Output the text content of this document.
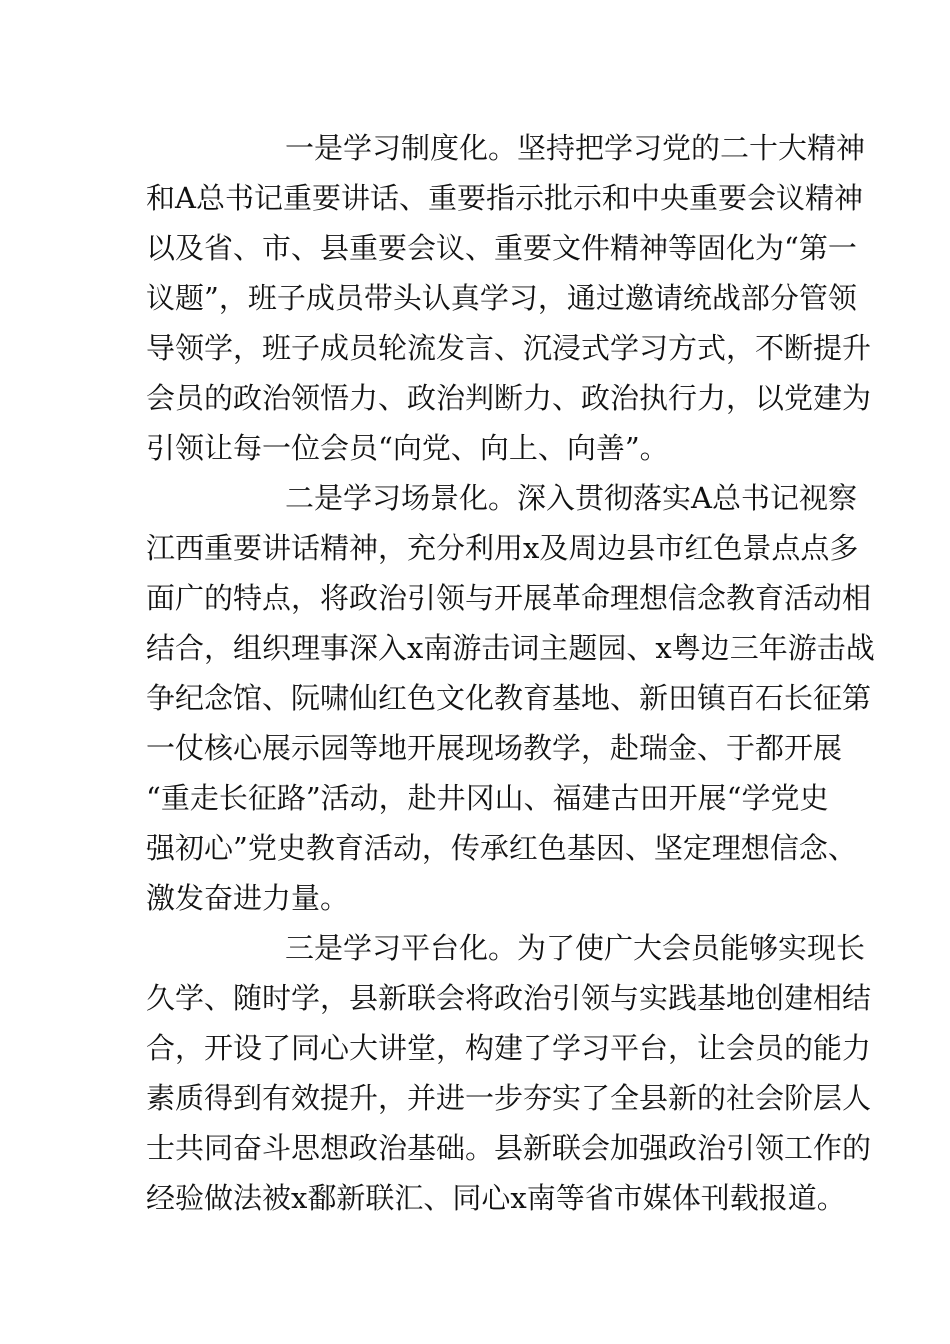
一是学习制度化。坚持把学习党的二十大精神
和A总书记重要讲话、重要指示批示和中央重要会议精神
以及省、市、县重要会议、重要文件精神等固化为“第一
议题”，班子成员带头认真学习，通过邀请统战部分管领
导领学，班子成员轮流发言、沉浸式学习方式，不断提升
会员的政治领悟力、政治判断力、政治执行力，以党建为
引领让每一位会员“向党、向上、向善”。
二是学习场景化。深入贯彻落实A总书记视察
江西重要讲话精神，充分利用x及周边县市红色景点点多
面广的特点，将政治引领与开展革命理想信念教育活动相
结合，组织理事深入x南游击词主题园、x粤边三年游击战
争纪念馆、阮啸仙红色文化教育基地、新田镇百石长征第
一仗核心展示园等地开展现场教学，赴瑞金、于都开展
“重走长征路”活动，赴井冈山、福建古田开展“学党史
强初心”党史教育活动，传承红色基因、坚定理想信念、
激发奋进力量。
三是学习平台化。为了使广大会员能够实现长
久学、随时学，县新联会将政治引领与实践基地创建相结
合，开设了同心大讲堂，构建了学习平台，让会员的能力
素质得到有效提升，并进一步夯实了全县新的社会阶层人
士共同奋斗思想政治基础。县新联会加强政治引领工作的
经验做法被x鄱新联汇、同心x南等省市媒体刊载报道。
